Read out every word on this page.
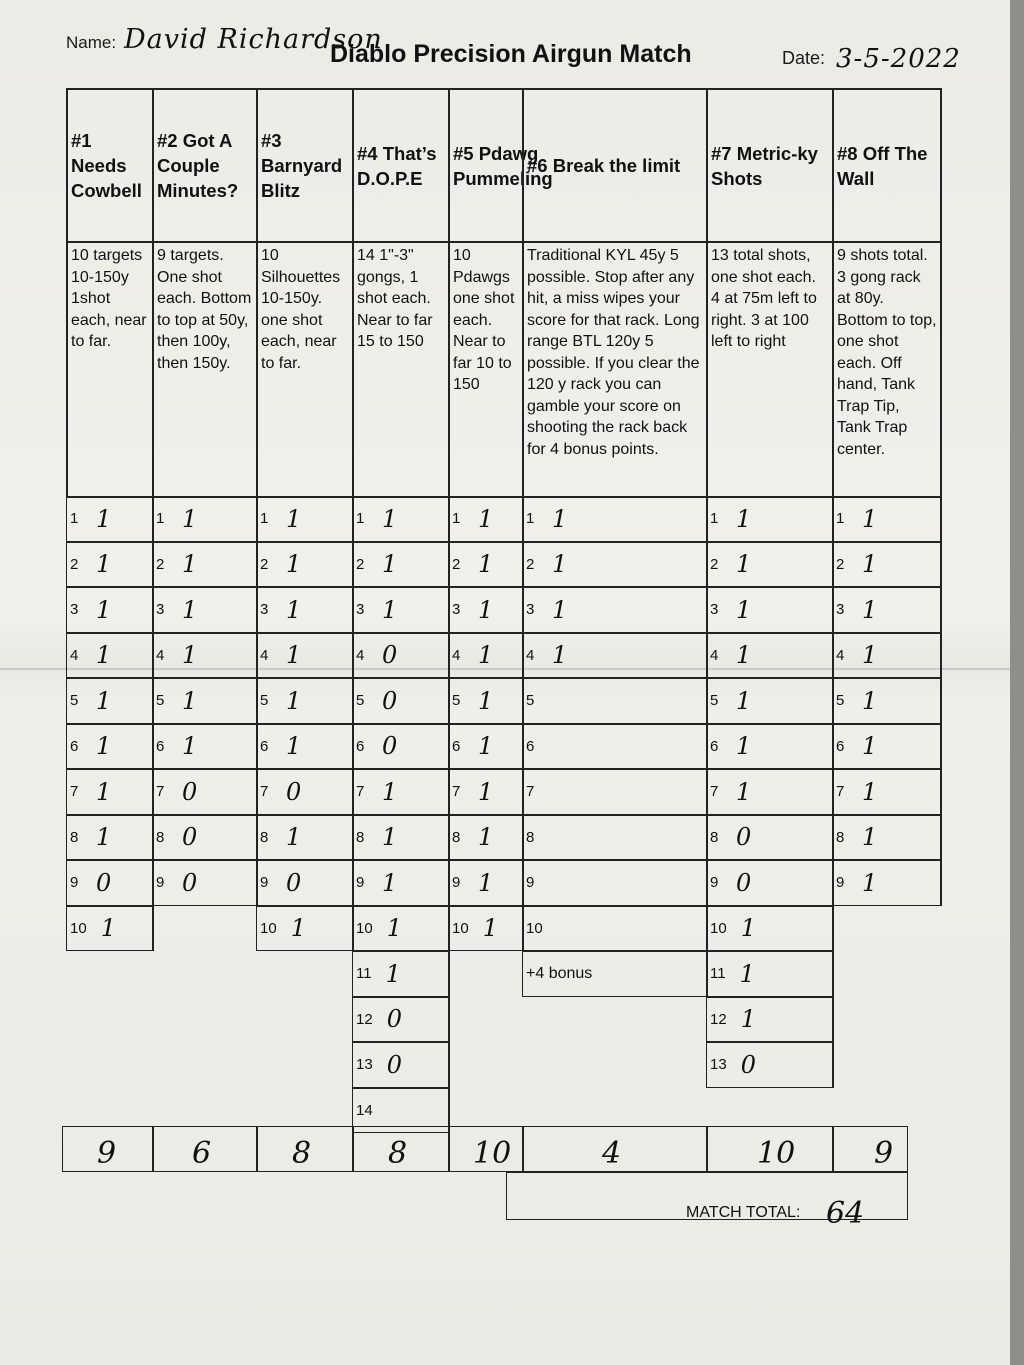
Name: David Richardson
Diablo Precision Airgun Match	Date: 3-5-2022
#1 Needs Cowbell
10 targets 10-150y 1shot each, near to far.
1 1
2 1
3 1
4 1
5 1
6 1
7 1
8 1
9 0
10 1
9
#2 Got A Couple Minutes?
9 targets. One shot each. Bottom to top at 50y, then 100y, then 150y.
1 1
2 1
3 1
4 1
5 1
6 1
7 0
8 0
9 0
6
#3 Barnyard Blitz
10 Silhouettes 10-150y. one shot each, near to far.
1 1
2 1
3 1
4 1
5 1
6 1
7 0
8 1
9 0
10 1
8
#4 That’s D.O.P.E
14 1"-3" gongs, 1 shot each. Near to far 15 to 150
1 1
2 1
3 1
4 0
5 0
6 0
7 1
8 1
9 1
10 1
11 1
12 0
13 0
14
8
#5 Pdawg Pummeling
10 Pdawgs one shot each. Near to far 10 to 150
1 1
2 1
3 1
4 1
5 1
6 1
7 1
8 1
9 1
10 1
10
#6 Break the limit
Traditional KYL 45y 5 possible. Stop after any hit, a miss wipes your score for that rack. Long range BTL 120y 5 possible. If you clear the 120 y rack you can gamble your score on shooting the rack back for 4 bonus points.
1 1
2 1
3 1
4 1
5
6
7
8
9
10
+4 bonus
4
#7 Metric-ky Shots
13 total shots, one shot each. 4 at 75m left to right. 3 at 100 left to right
1 1
2 1
3 1
4 1
5 1
6 1
7 1
8 0
9 0
10 1
11 1
12 1
13 0
10
#8 Off The Wall
9 shots total. 3 gong rack at 80y. Bottom to top, one shot each. Off hand, Tank Trap Tip, Tank Trap center.
1 1
2 1
3 1
4 1
5 1
6 1
7 1
8 1
9 1
9
MATCH TOTAL: 64
